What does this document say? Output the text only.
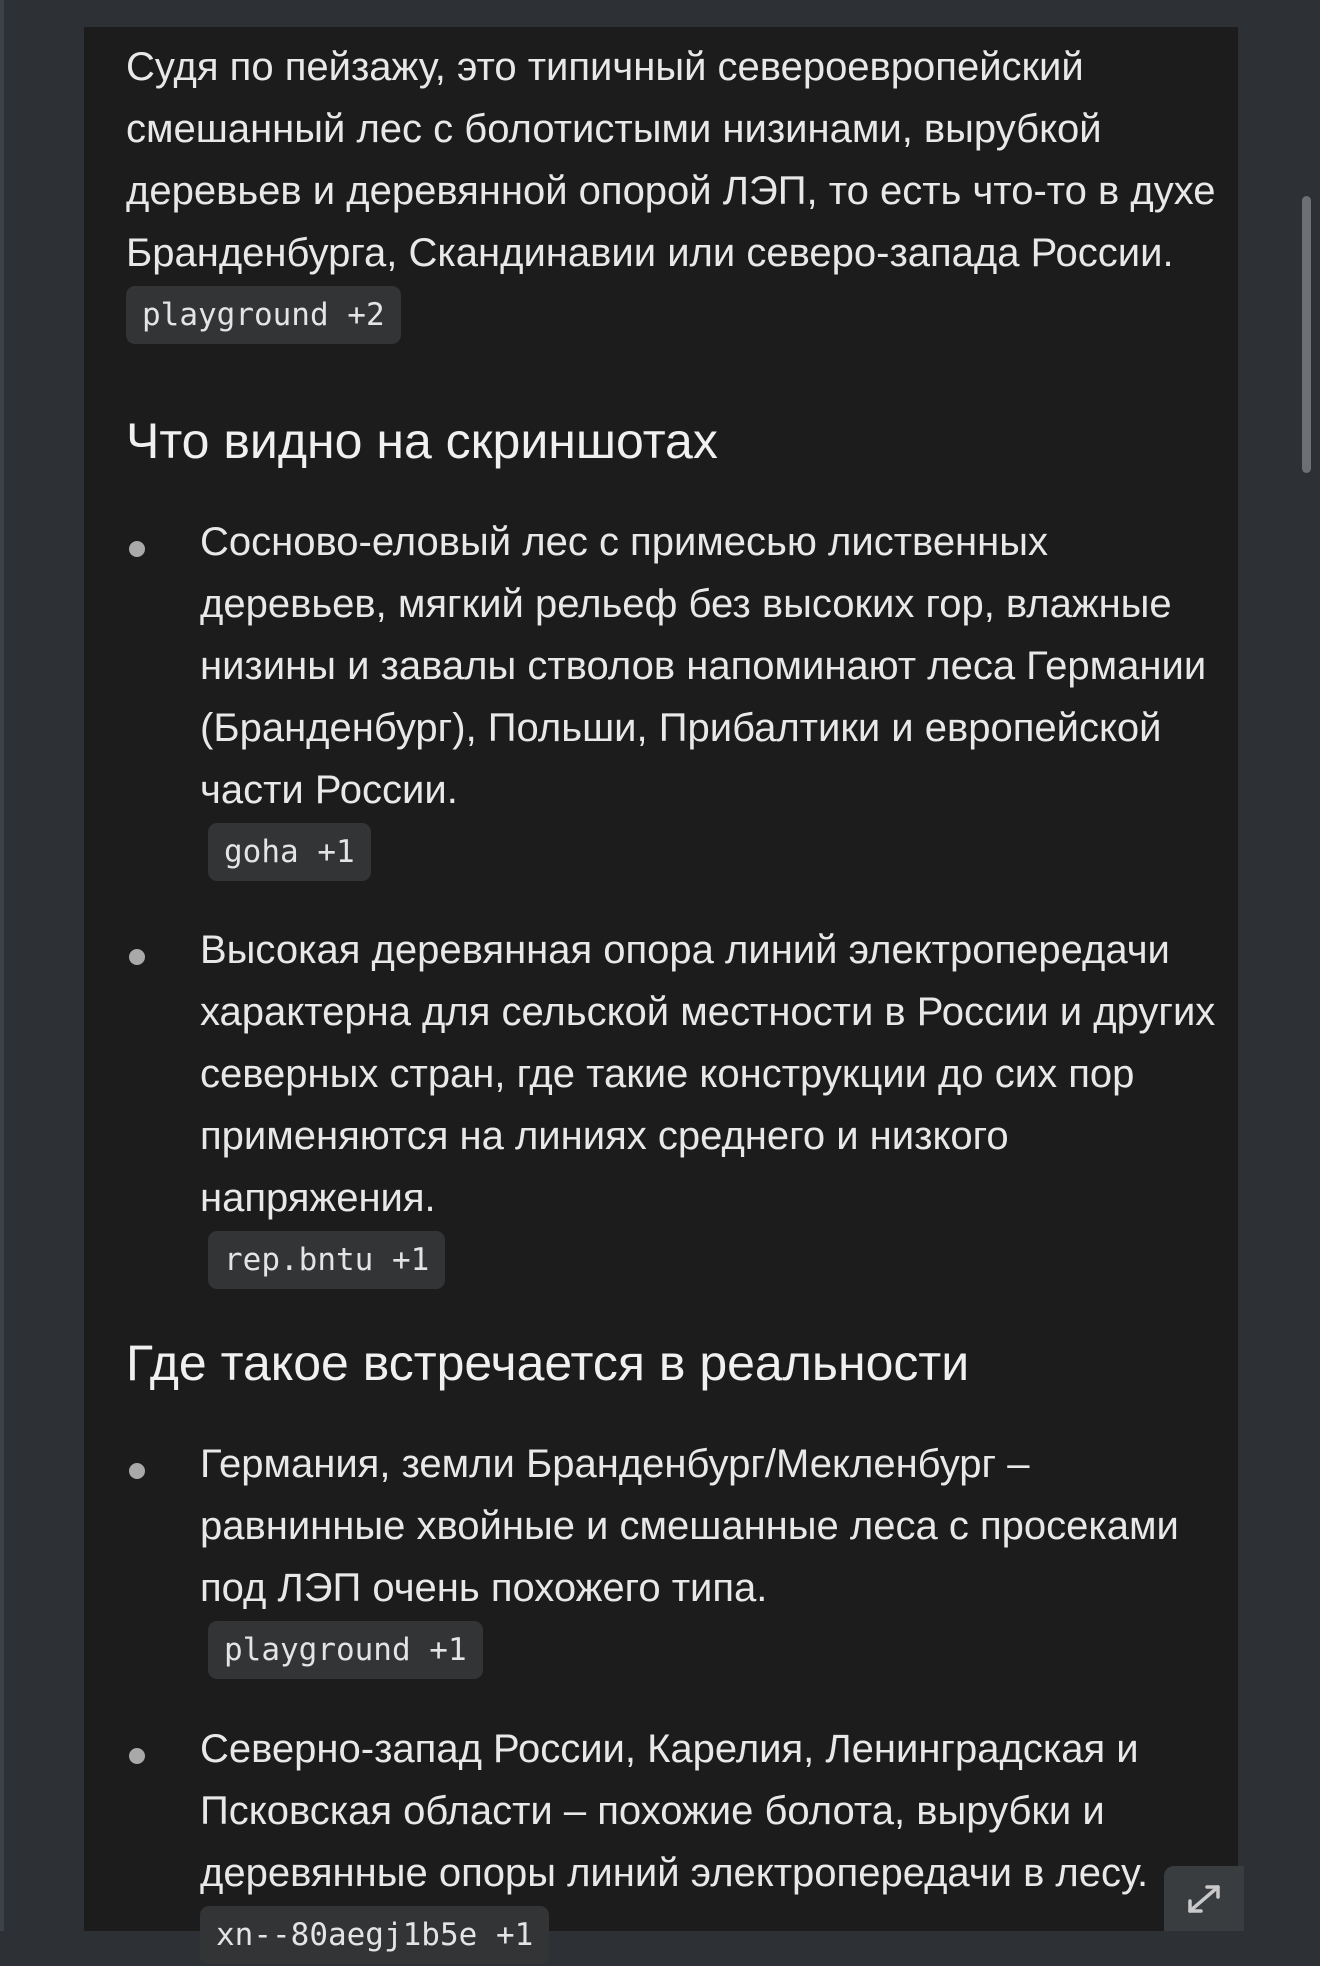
Судя по пейзажу, это типичный североевропейский смешанный лес с болотистыми низинами, вырубкой деревьев и деревянной опорой ЛЭП, то есть что-то в духе Бранденбурга, Скандинавии или северо-запада России. playground +2

Что видно на скриншотах

Сосново-еловый лес с примесью лиственных деревьев, мягкий рельеф без высоких гор, влажные низины и завалы стволов напоминают леса Германии (Бранденбург), Польши, Прибалтики и европейской части России.
goha +1

Высокая деревянная опора линий электропередачи характерна для сельской местности в России и других северных стран, где такие конструкции до сих пор применяются на линиях среднего и низкого напряжения.
rep.bntu +1

Где такое встречается в реальности

Германия, земли Бранденбург/Мекленбург – равнинные хвойные и смешанные леса с просеками под ЛЭП очень похожего типа.
playground +1

Северно-запад России, Карелия, Ленинградская и Псковская области – похожие болота, вырубки и деревянные опоры линий электропередачи в лесу. xn--80aegj1b5e +1
